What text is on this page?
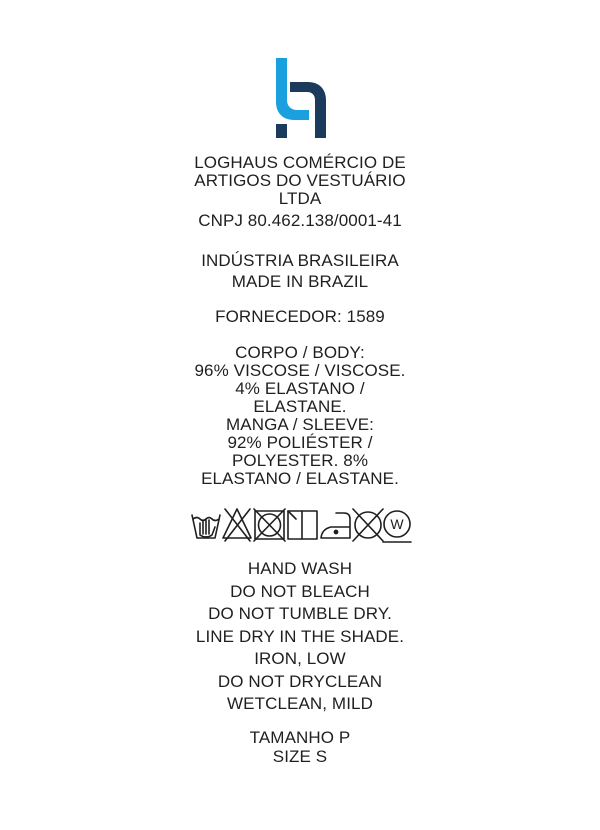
LOGHAUS COMÉRCIO DE
ARTIGOS DO VESTUÁRIO
LTDA
CNPJ 80.462.138/0001-41
INDÚSTRIA BRASILEIRA
MADE IN BRAZIL
FORNECEDOR: 1589
CORPO / BODY:
96% VISCOSE / VISCOSE.
4% ELASTANO /
ELASTANE.
MANGA / SLEEVE:
92% POLIÉSTER /
POLYESTER. 8%
ELASTANO / ELASTANE.
W
HAND WASH
DO NOT BLEACH
DO NOT TUMBLE DRY.
LINE DRY IN THE SHADE.
IRON, LOW
DO NOT DRYCLEAN
WETCLEAN, MILD
TAMANHO P
SIZE S
